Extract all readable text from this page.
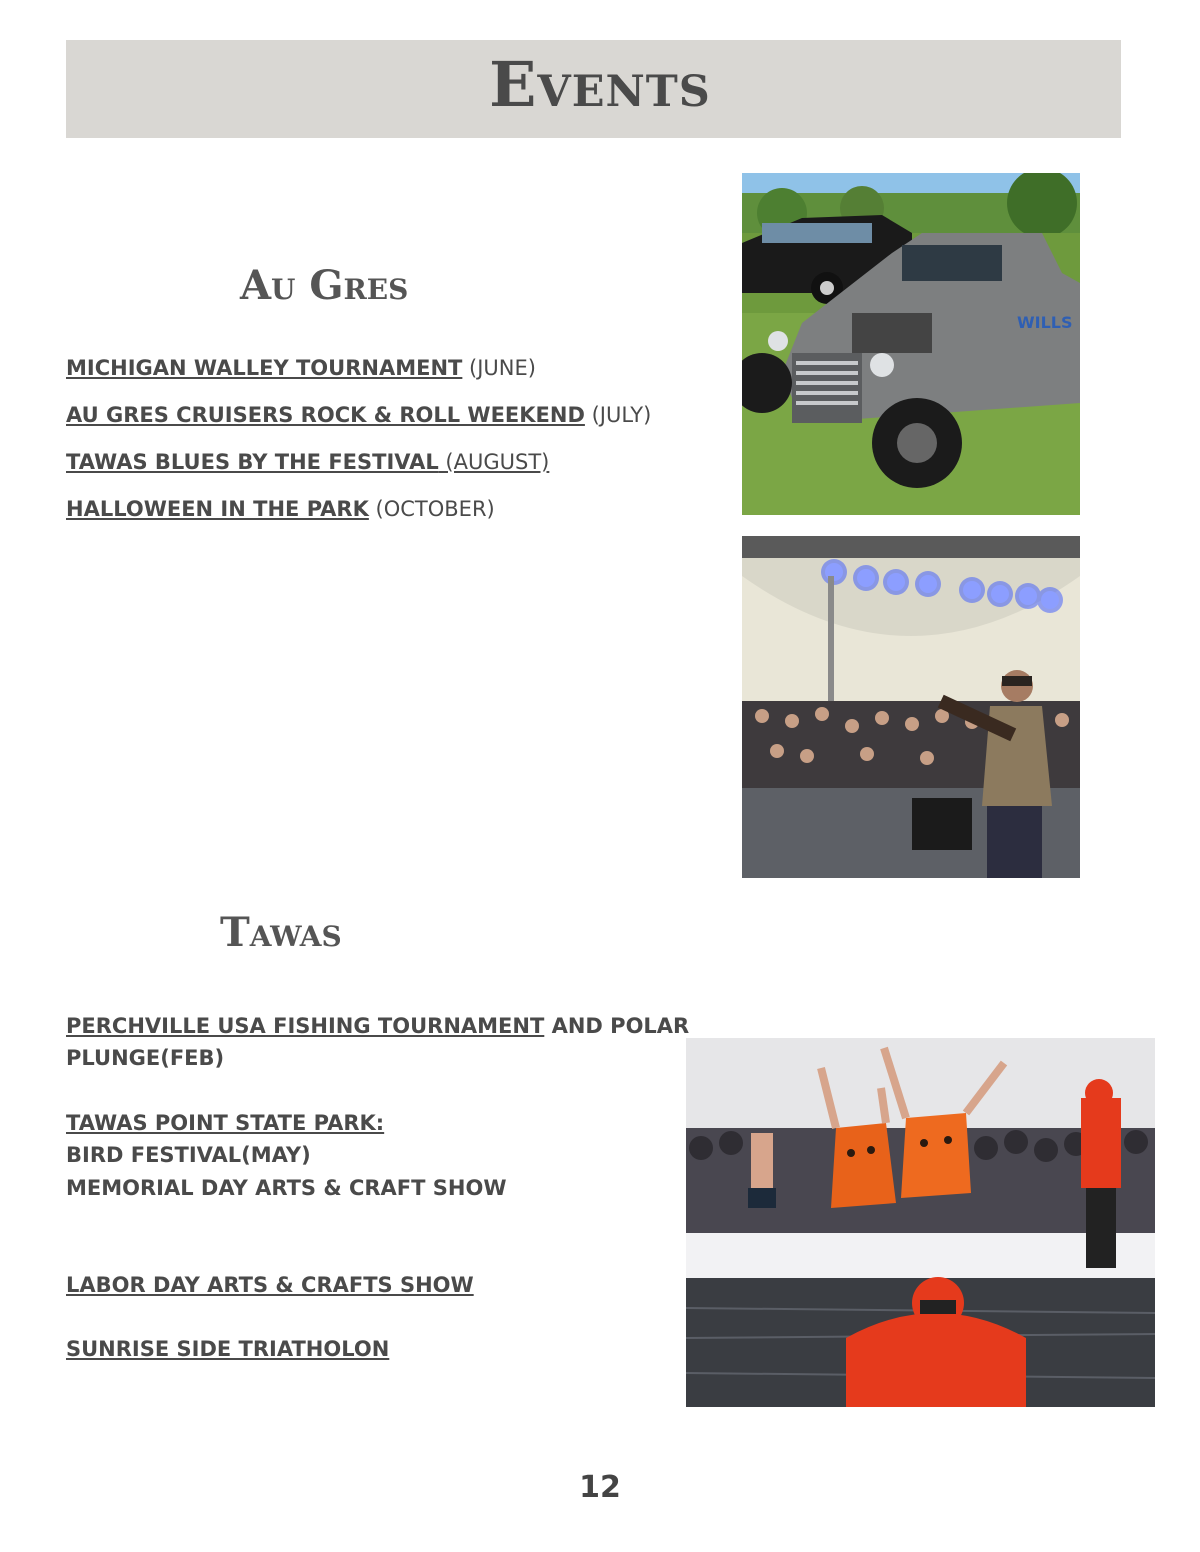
Events
Au Gres
MICHIGAN WALLEY TOURNAMENT (JUNE)
AU GRES CRUISERS ROCK & ROLL WEEKEND (JULY)
TAWAS BLUES BY THE FESTIVAL (AUGUST)
HALLOWEEN IN THE PARK (OCTOBER)
WILLS
Tawas
PERCHVILLE USA FISHING TOURNAMENT AND POLAR
PLUNGE(FEB)
TAWAS POINT STATE PARK:
BIRD FESTIVAL(MAY)
MEMORIAL DAY ARTS & CRAFT SHOW
LABOR DAY ARTS & CRAFTS SHOW
SUNRISE SIDE TRIATHOLON
12
